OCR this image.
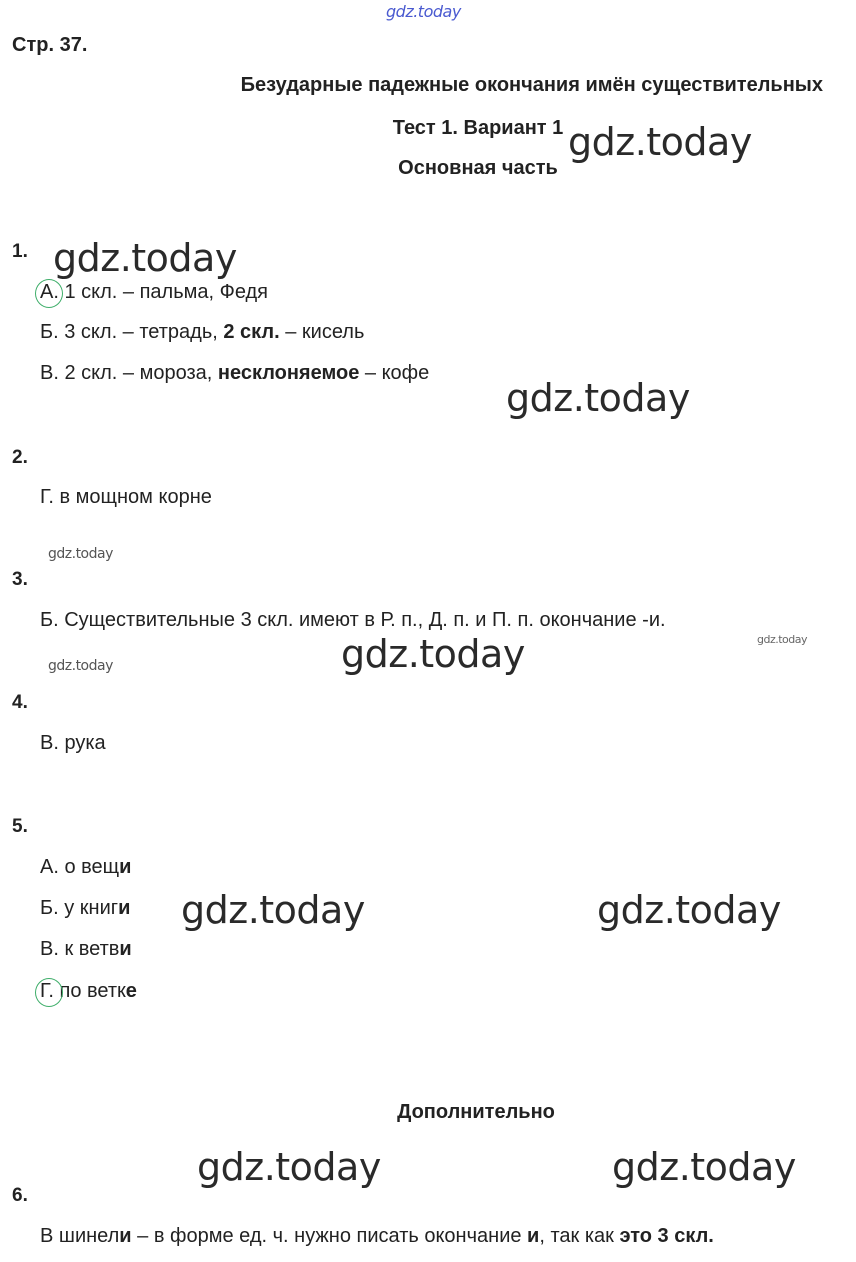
gdz.today
gdz.today
gdz.today
gdz.today
gdz.today
gdz.today
gdz.today
gdz.today
gdz.today	gdz.today
gdz.today	gdz.today
Стр. 37.
Безударные падежные окончания имён существительных
Тест 1. Вариант 1
Основная часть
1.
А. 1 скл. – пальма, Федя
Б. 3 скл. – тетрадь, 2 скл. – кисель
В. 2 скл. – мороза, несклоняемое – кофе
2.
Г. в мощном корне
3.
Б. Существительные 3 скл. имеют в Р. п., Д. п. и П. п. окончание -и.
4.
В. рука
5.
А. о вещи
Б. у книги
В. к ветви
Г. по ветке
Дополнительно
6.
В шинели – в форме ед. ч. нужно писать окончание и, так как это 3 скл.
